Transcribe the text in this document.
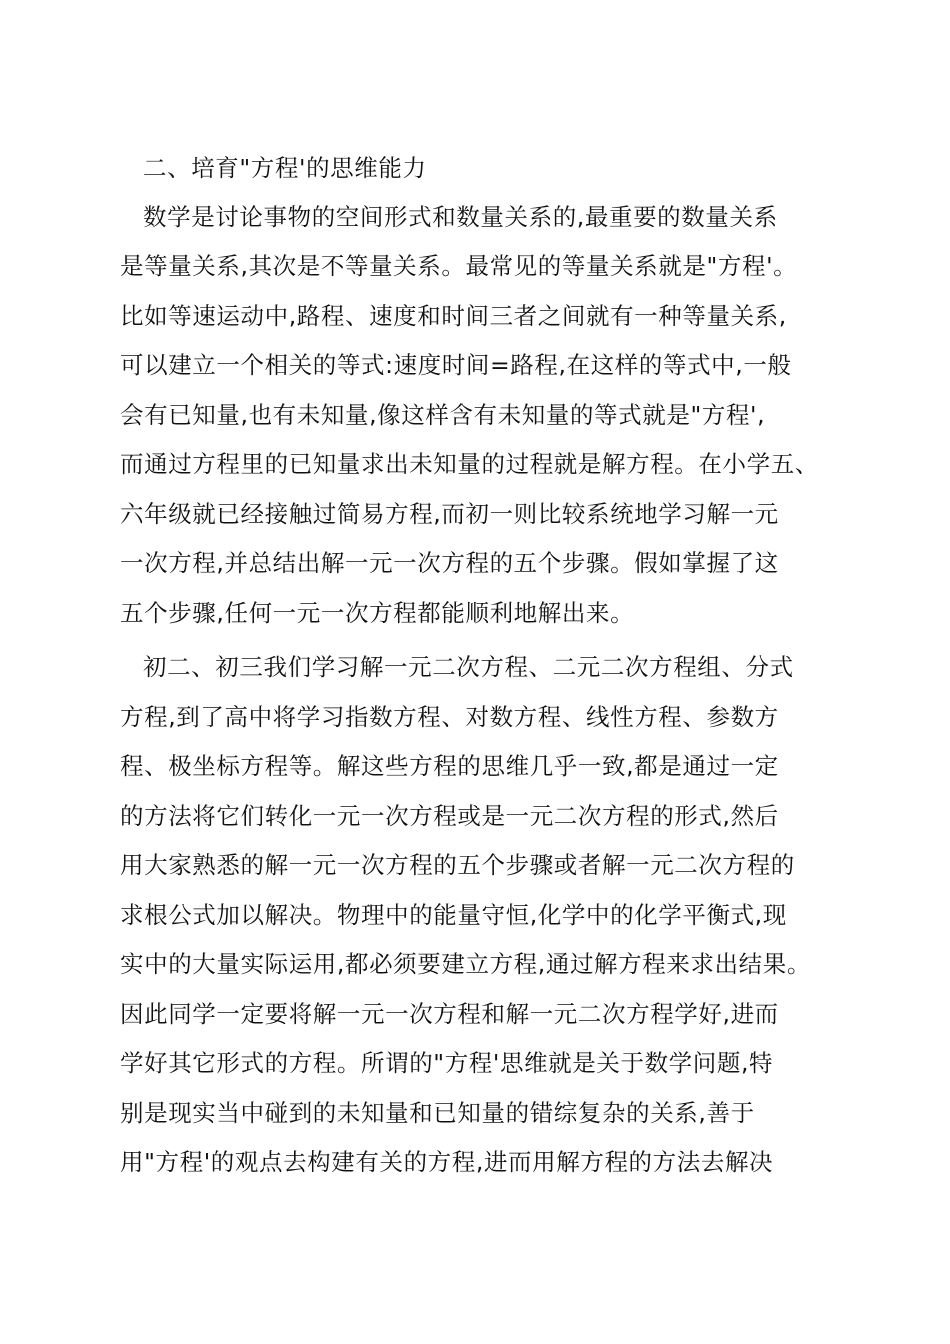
二、培育"方程'的思维能力
数学是讨论事物的空间形式和数量关系的,最重要的数量关系
是等量关系,其次是不等量关系。最常见的等量关系就是"方程'。
比如等速运动中,路程、速度和时间三者之间就有一种等量关系,
可以建立一个相关的等式:速度时间=路程,在这样的等式中,一般
会有已知量,也有未知量,像这样含有未知量的等式就是"方程',
而通过方程里的已知量求出未知量的过程就是解方程。在小学五、
六年级就已经接触过简易方程,而初一则比较系统地学习解一元
一次方程,并总结出解一元一次方程的五个步骤。假如掌握了这
五个步骤,任何一元一次方程都能顺利地解出来。
初二、初三我们学习解一元二次方程、二元二次方程组、分式
方程,到了高中将学习指数方程、对数方程、线性方程、参数方
程、极坐标方程等。解这些方程的思维几乎一致,都是通过一定
的方法将它们转化一元一次方程或是一元二次方程的形式,然后
用大家熟悉的解一元一次方程的五个步骤或者解一元二次方程的
求根公式加以解决。物理中的能量守恒,化学中的化学平衡式,现
实中的大量实际运用,都必须要建立方程,通过解方程来求出结果。
因此同学一定要将解一元一次方程和解一元二次方程学好,进而
学好其它形式的方程。所谓的"方程'思维就是关于数学问题,特
别是现实当中碰到的未知量和已知量的错综复杂的关系,善于
用"方程'的观点去构建有关的方程,进而用解方程的方法去解决
